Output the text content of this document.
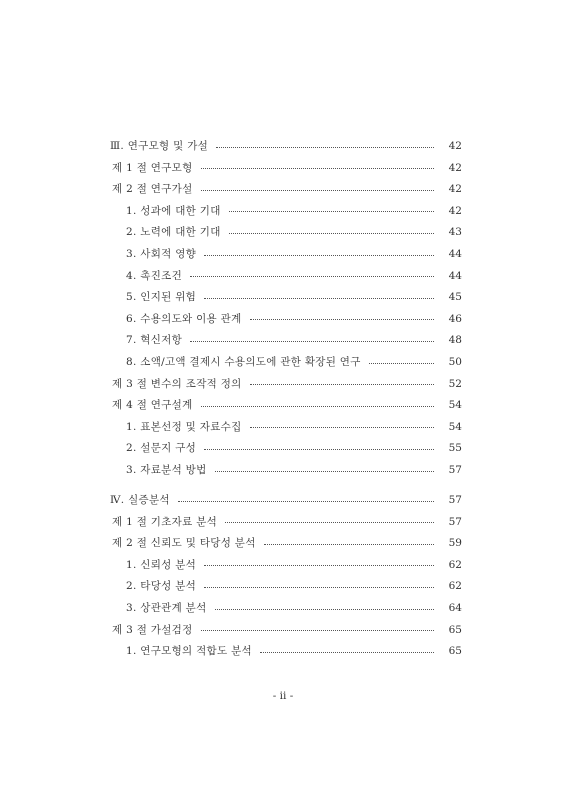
Ⅲ. 연구모형 및 가설	42
제 1 절 연구모형	42
제 2 절 연구가설	42
1. 성과에 대한 기대	42
2. 노력에 대한 기대	43
3. 사회적 영향	44
4. 촉진조건	44
5. 인지된 위험	45
6. 수용의도와 이용 관계	46
7. 혁신저항	48
8. 소액/고액 결제시 수용의도에 관한 확장된 연구	50
제 3 절 변수의 조작적 정의	52
제 4 절 연구설계	54
1. 표본선정 및 자료수집	54
2. 설문지 구성	55
3. 자료분석 방법	57
Ⅳ. 실증분석	57
제 1 절 기초자료 분석	57
제 2 절 신뢰도 및 타당성 분석	59
1. 신뢰성 분석	62
2. 타당성 분석	62
3. 상관관계 분석	64
제 3 절 가설검정	65
1. 연구모형의 적합도 분석	65
- ii -
